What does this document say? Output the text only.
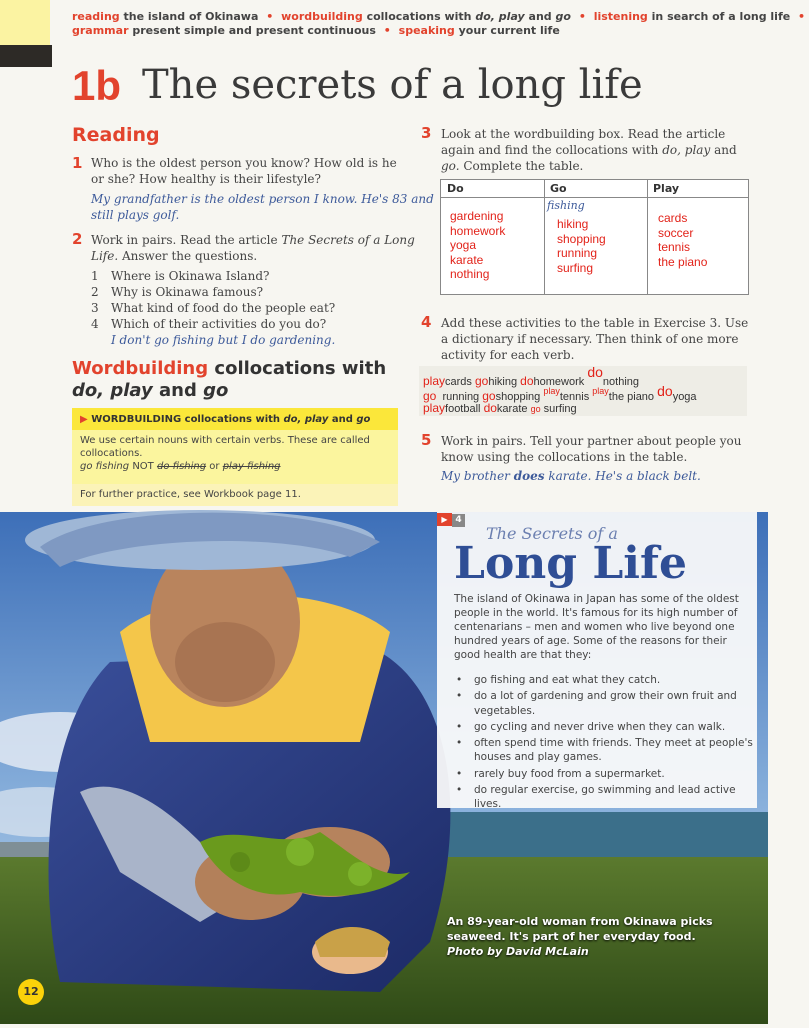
reading the island of Okinawa • wordbuilding collocations with do, play and go • listening in search of a long life •
grammar present simple and present continuous • speaking your current life
1b The secrets of a long life
Reading
1 Who is the oldest person you know? How old is he
or she? How healthy is their lifestyle?
My grandfather is the oldest person I know. He's 83 and
still plays golf.
2 Work in pairs. Read the article The Secrets of a Long
Life. Answer the questions.
1 Where is Okinawa Island?
2 Why is Okinawa famous?
3 What kind of food do the people eat?
4 Which of their activities do you do?
I don't go fishing but I do gardening.
Wordbuilding collocations with
do, play and go
▶ WORDBUILDING collocations with do, play and go
We use certain nouns with certain verbs. These are called
collocations.
go fishing NOT do fishing or play fishing
For further practice, see Workbook page 11.
3 Look at the wordbuilding box. Read the article
again and find the collocations with do, play and
go. Complete the table.
Do	Go	Play
fishing
gardening
homework
yoga
karate
nothing
hiking
shopping
running
surfing
cards
soccer
tennis
the piano
4 Add these activities to the table in Exercise 3. Use
a dictionary if necessary. Then think of one more
activity for each verb.
playcards gohiking dohomework donothing
go running goshopping $^{play}$tennis $^{play}$the piano doyoga
playfootball dokarate go surfing
5 Work in pairs. Tell your partner about people you
know using the collocations in the table.
My brother does karate. He's a black belt.
▶ 4
The Secrets of a
Long Life
The island of Okinawa in Japan has some of the oldest people in the world. It's famous for its high number of centenarians – men and women who live beyond one hundred years of age. Some of the reasons for their good health are that they:
• go fishing and eat what they catch.
• do a lot of gardening and grow their own fruit and vegetables.
• go cycling and never drive when they can walk.
• often spend time with friends. They meet at people's houses and play games.
• rarely buy food from a supermarket.
• do regular exercise, go swimming and lead active lives.
An 89-year-old woman from Okinawa picks
seaweed. It's part of her everyday food.
Photo by David McLain
12
